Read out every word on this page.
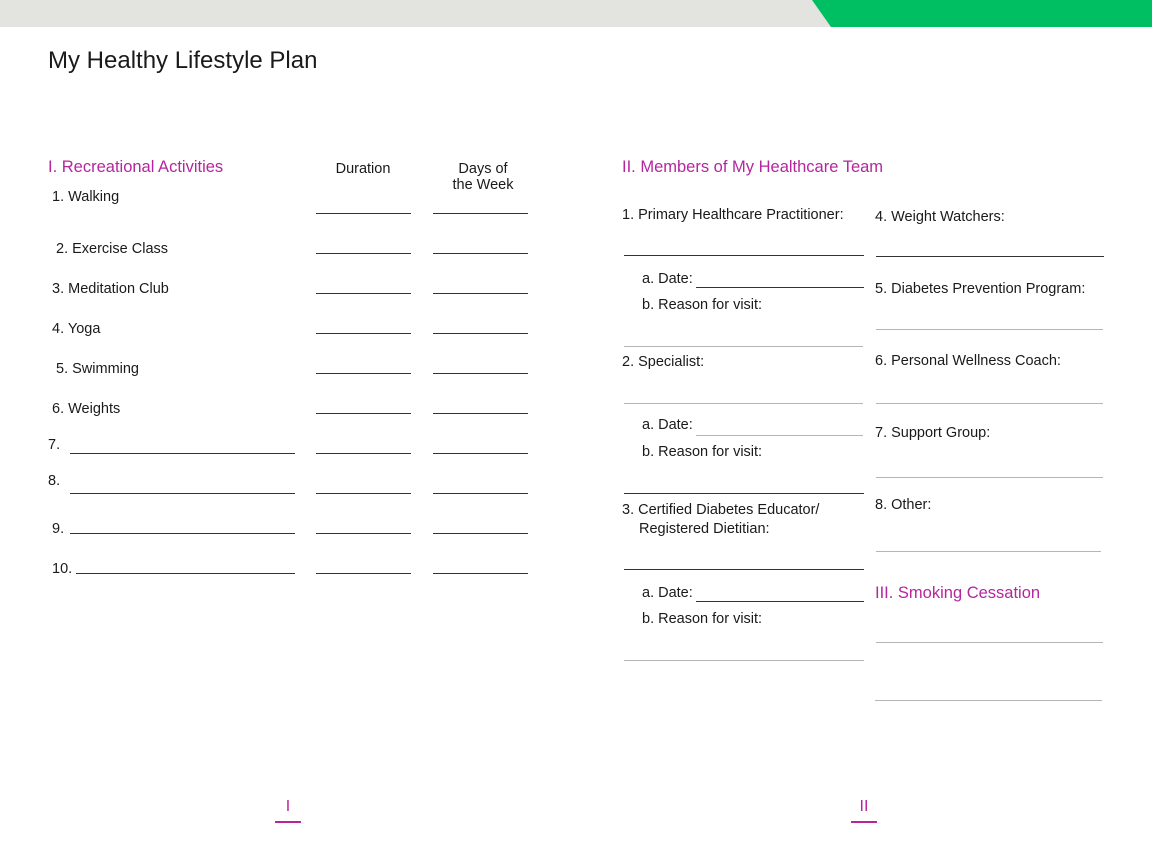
My Healthy Lifestyle Plan
I. Recreational Activities	Duration	Days of
the Week
1. Walking
2. Exercise Class
3. Meditation Club
4. Yoga
5. Swimming
6. Weights
7.
8.
9.
10.
II. Members of My Healthcare Team
1. Primary Healthcare Practitioner:
a. Date:
b. Reason for visit:
2. Specialist:
a. Date:
b. Reason for visit:
3. Certified Diabetes Educator/
Registered Dietitian:
a. Date:
b. Reason for visit:
4. Weight Watchers:
5. Diabetes Prevention Program:
6. Personal Wellness Coach:
7. Support Group:
8. Other:
III. Smoking Cessation
I	II
